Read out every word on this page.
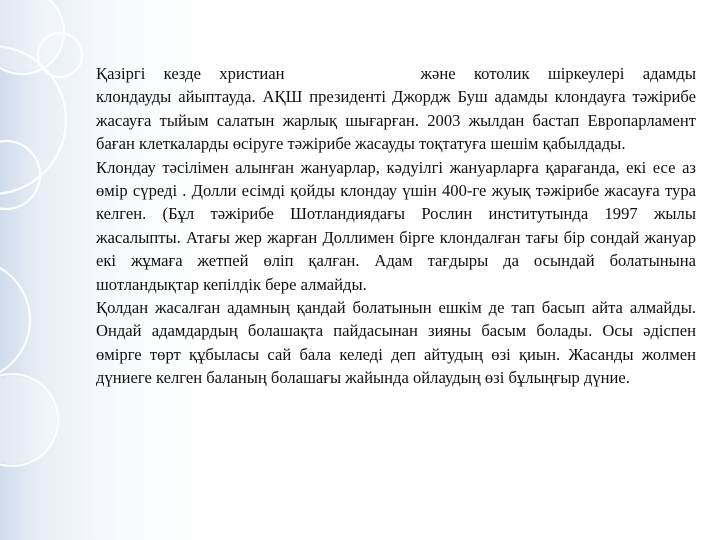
Қазіргі кезде христиан	және котолик шіркеулері адамды клондауды айыптауда. АҚШ президенті Джордж Буш адамды клондауға тәжірибе жасауға тыйым салатын жарлық шығарған. 2003 жылдан бастап Европарламент баған клеткаларды өсіруге тәжірибе жасауды тоқтатуға шешім қабылдады.

Клондау тәсілімен алынған жануарлар, кәдуілгі жануарларға қарағанда, екі есе аз өмір сүреді . Долли есімді қойды клондау үшін 400-ге жуық тәжірибе жасауға тура келген. (Бұл тәжірибе Шотландиядағы Рослин институтында 1997 жылы жасалыпты. Атағы жер жарған Доллимен бірге клондалған тағы бір сондай жануар екі жұмаға жетпей өліп қалған. Адам тағдыры да осындай болатынына шотландықтар кепілдік бере алмайды.

Қолдан жасалған адамның қандай болатынын ешкім де тап басып айта алмайды. Ондай адамдардың болашақта пайдасынан зияны басым болады. Осы әдіспен өмірге төрт құбыласы сай бала келеді деп айтудың өзі қиын. Жасанды жолмен дүниеге келген баланың болашағы жайында ойлаудың өзі бұлыңғыр дүние.
